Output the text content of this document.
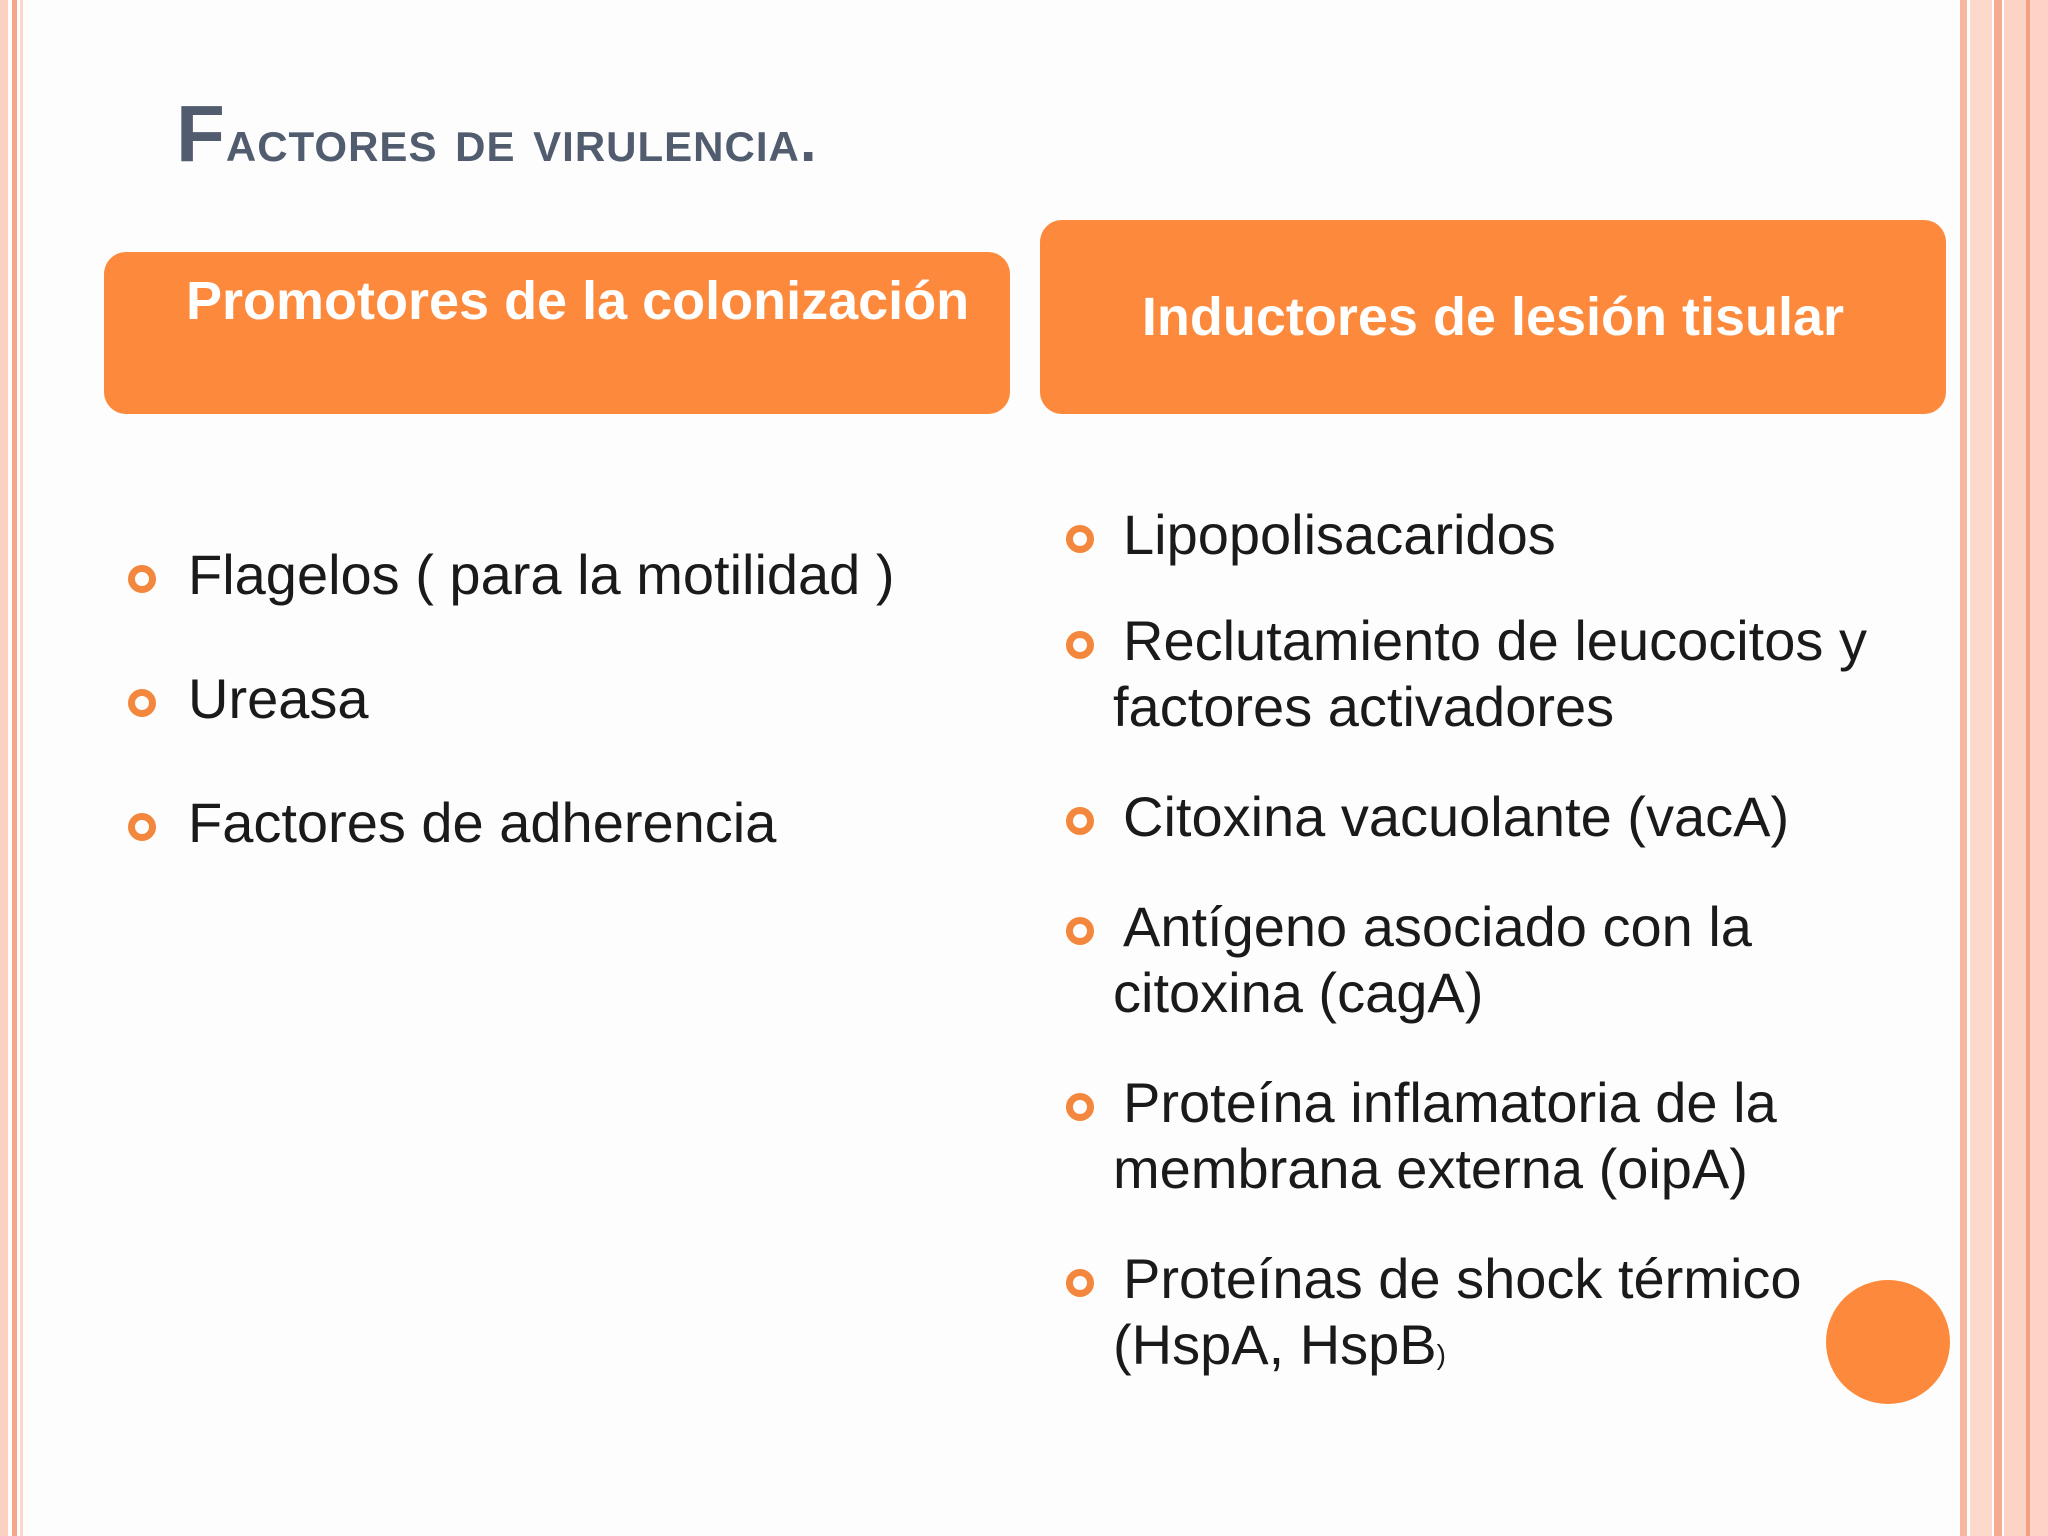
Factores de virulencia.
Promotores de la colonización	Inductores de lesión tisular
Flagelos ( para la motilidad )
Ureasa
Factores de adherencia
Lipopolisacaridos
Reclutamiento de leucocitos y factores activadores
Citoxina vacuolante (vacA)
Antígeno asociado con la citoxina (cagA)
Proteína inflamatoria de la membrana externa (oipA)
Proteínas de shock térmico (HspA, HspB)
